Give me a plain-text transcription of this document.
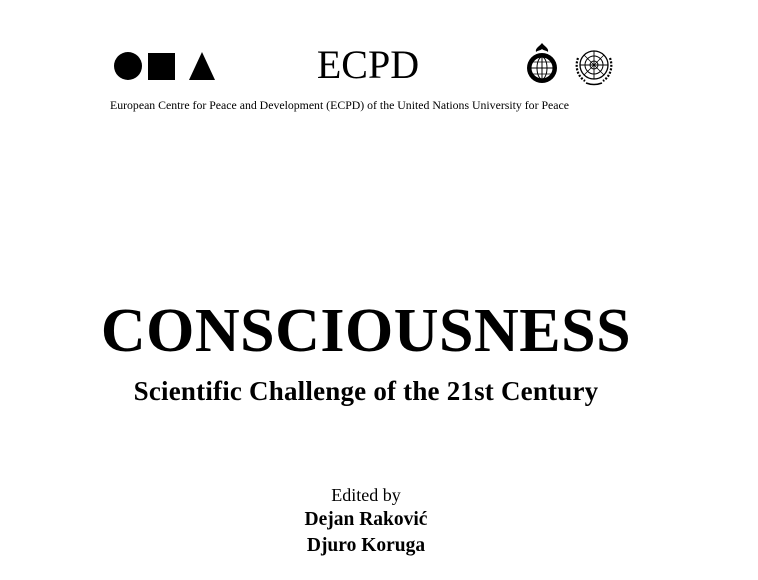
ECPD
European Centre for Peace and Development (ECPD) of the United Nations University for Peace
CONSCIOUSNESS
Scientific Challenge of the 21st Century
Edited by
Dejan Raković
Djuro Koruga
